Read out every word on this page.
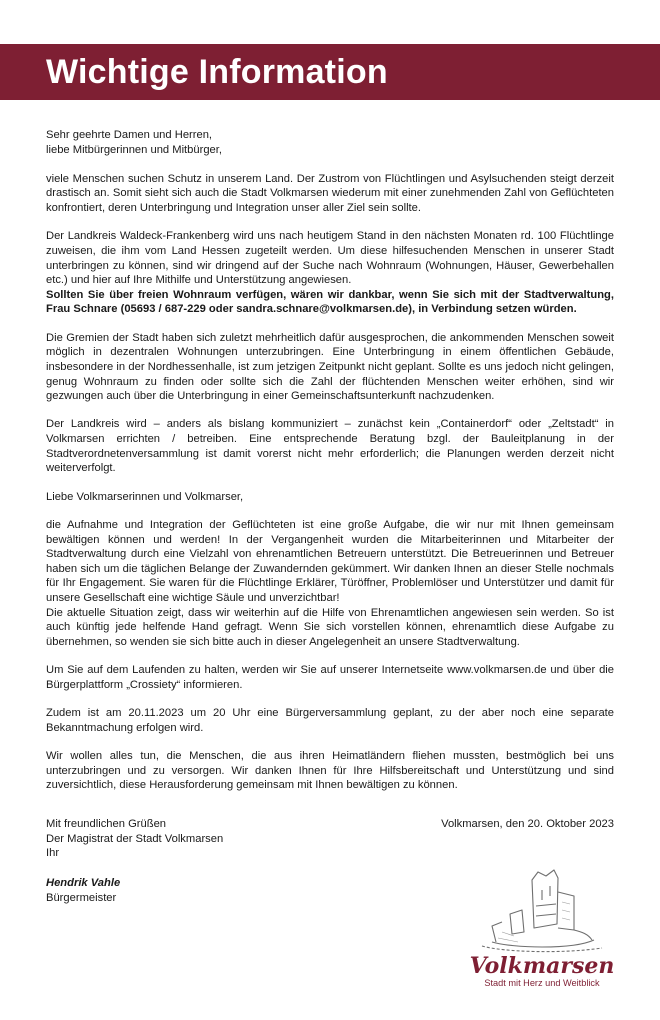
Wichtige Information

Sehr geehrte Damen und Herren,
liebe Mitbürgerinnen und Mitbürger,

viele Menschen suchen Schutz in unserem Land. Der Zustrom von Flüchtlingen und Asylsuchenden steigt derzeit drastisch an. Somit sieht sich auch die Stadt Volkmarsen wiederum mit einer zunehmenden Zahl von Geflüchteten konfrontiert, deren Unterbringung und Integration unser aller Ziel sein sollte.

Der Landkreis Waldeck-Frankenberg wird uns nach heutigem Stand in den nächsten Monaten rd. 100 Flüchtlinge zuweisen, die ihm vom Land Hessen zugeteilt werden. Um diese hilfesuchenden Menschen in unserer Stadt unterbringen zu können, sind wir dringend auf der Suche nach Wohnraum (Wohnungen, Häuser, Gewerbehallen etc.) und hier auf Ihre Mithilfe und Unterstützung angewiesen.
Sollten Sie über freien Wohnraum verfügen, wären wir dankbar, wenn Sie sich mit der Stadtverwaltung, Frau Schnare (05693 / 687-229 oder sandra.schnare@volkmarsen.de), in Verbindung setzen würden.

Die Gremien der Stadt haben sich zuletzt mehrheitlich dafür ausgesprochen, die ankommenden Menschen soweit möglich in dezentralen Wohnungen unterzubringen. Eine Unterbringung in einem öffentlichen Gebäude, insbesondere in der Nordhessenhalle, ist zum jetzigen Zeitpunkt nicht geplant. Sollte es uns jedoch nicht gelingen, genug Wohnraum zu finden oder sollte sich die Zahl der flüchtenden Menschen weiter erhöhen, sind wir gezwungen auch über die Unterbringung in einer Gemeinschaftsunterkunft nachzudenken.

Der Landkreis wird – anders als bislang kommuniziert – zunächst kein „Containerdorf“ oder „Zeltstadt“ in Volkmarsen errichten / betreiben. Eine entsprechende Beratung bzgl. der Bauleitplanung in der Stadtverordnetenversammlung ist damit vorerst nicht mehr erforderlich; die Planungen werden derzeit nicht weiterverfolgt.

Liebe Volkmarserinnen und Volkmarser,

die Aufnahme und Integration der Geflüchteten ist eine große Aufgabe, die wir nur mit Ihnen gemeinsam bewältigen können und werden! In der Vergangenheit wurden die Mitarbeiterinnen und Mitarbeiter der Stadtverwaltung durch eine Vielzahl von ehrenamtlichen Betreuern unterstützt. Die Betreuerinnen und Betreuer haben sich um die täglichen Belange der Zuwandernden gekümmert. Wir danken Ihnen an dieser Stelle nochmals für Ihr Engagement. Sie waren für die Flüchtlinge Erklärer, Türöffner, Problemlöser und Unterstützer und damit für unsere Gesellschaft eine wichtige Säule und unverzichtbar!

Die aktuelle Situation zeigt, dass wir weiterhin auf die Hilfe von Ehrenamtlichen angewiesen sein werden. So ist auch künftig jede helfende Hand gefragt. Wenn Sie sich vorstellen können, ehrenamtlich diese Aufgabe zu übernehmen, so wenden sie sich bitte auch in dieser Angelegenheit an unsere Stadtverwaltung.

Um Sie auf dem Laufenden zu halten, werden wir Sie auf unserer Internetseite www.volkmarsen.de und über die Bürgerplattform „Crossiety“ informieren.

Zudem ist am 20.11.2023 um 20 Uhr eine Bürgerversammlung geplant, zu der aber noch eine separate Bekanntmachung erfolgen wird.

Wir wollen alles tun, die Menschen, die aus ihren Heimatländern fliehen mussten, bestmöglich bei uns unterzubringen und zu versorgen. Wir danken Ihnen für Ihre Hilfsbereitschaft und Unterstützung und sind zuversichtlich, diese Herausforderung gemeinsam mit Ihnen bewältigen zu können.

Mit freundlichen Grüßen
Der Magistrat der Stadt Volkmarsen
Ihr
Volkmarsen, den 20. Oktober 2023
Hendrik Vahle
Bürgermeister
Volkmarsen
Stadt mit Herz und Weitblick
